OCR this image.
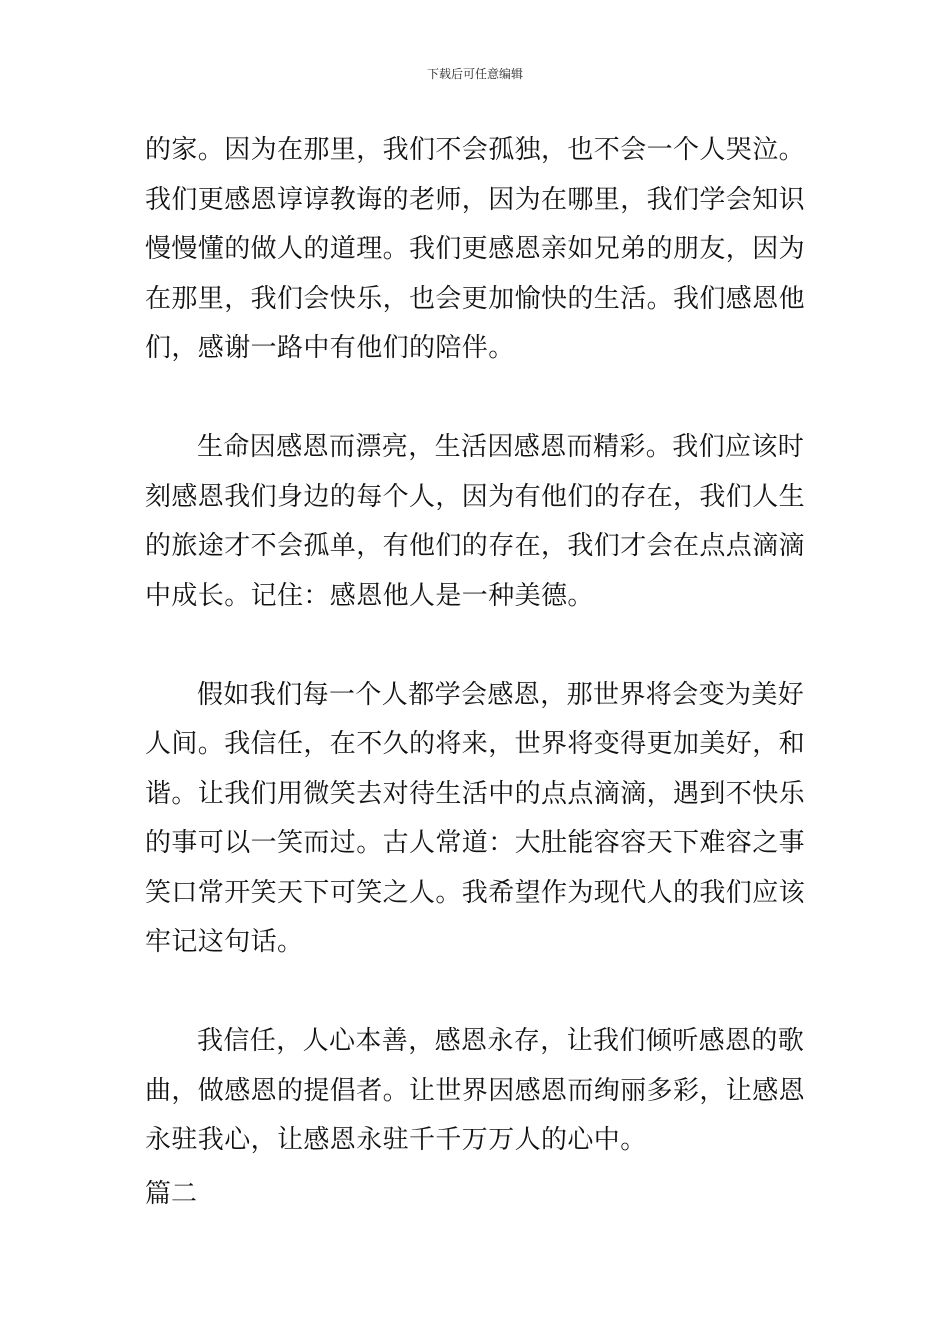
下载后可任意编辑
的家。因为在那里，我们不会孤独，也不会一个人哭泣。
我们更感恩谆谆教诲的老师，因为在哪里，我们学会知识
慢慢懂的做人的道理。我们更感恩亲如兄弟的朋友，因为
在那里，我们会快乐，也会更加愉快的生活。我们感恩他
们，感谢一路中有他们的陪伴。
生命因感恩而漂亮，生活因感恩而精彩。我们应该时
刻感恩我们身边的每个人，因为有他们的存在，我们人生
的旅途才不会孤单，有他们的存在，我们才会在点点滴滴
中成长。记住：感恩他人是一种美德。
假如我们每一个人都学会感恩，那世界将会变为美好
人间。我信任，在不久的将来，世界将变得更加美好，和
谐。让我们用微笑去对待生活中的点点滴滴，遇到不快乐
的事可以一笑而过。古人常道：大肚能容容天下难容之事
笑口常开笑天下可笑之人。我希望作为现代人的我们应该
牢记这句话。
我信任，人心本善，感恩永存，让我们倾听感恩的歌
曲，做感恩的提倡者。让世界因感恩而绚丽多彩，让感恩
永驻我心，让感恩永驻千千万万人的心中。
篇二
